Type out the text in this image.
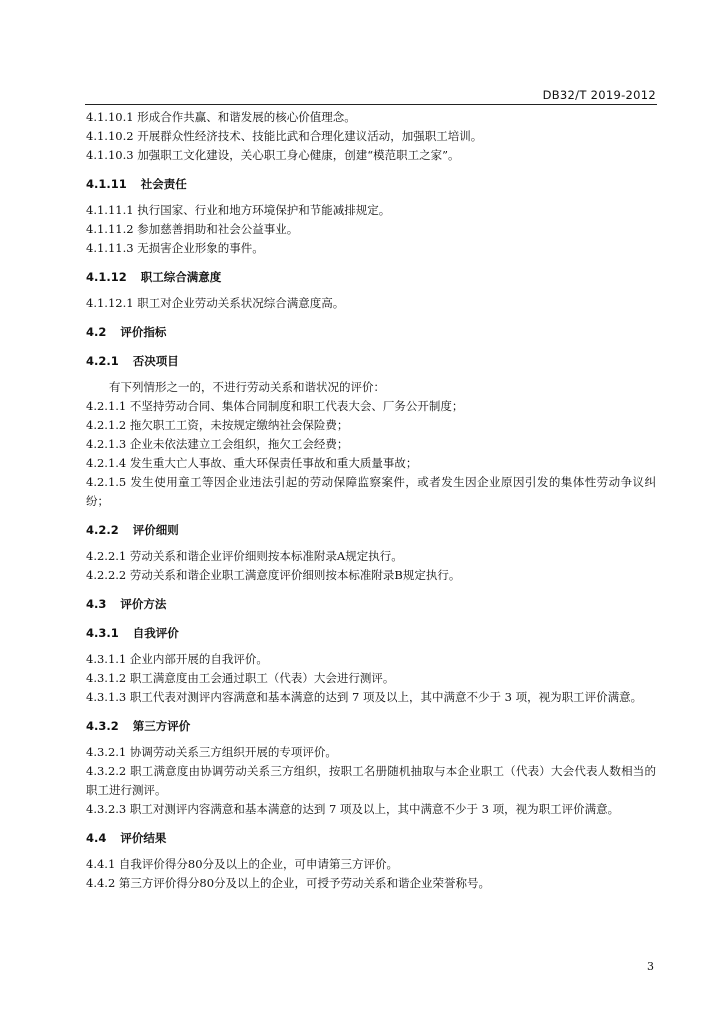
DB32/T 2019-2012
4.1.10.1 形成合作共赢、和谐发展的核心价值理念。
4.1.10.2 开展群众性经济技术、技能比武和合理化建议活动，加强职工培训。
4.1.10.3 加强职工文化建设，关心职工身心健康，创建“模范职工之家”。
4.1.11 社会责任
4.1.11.1 执行国家、行业和地方环境保护和节能减排规定。
4.1.11.2 参加慈善捐助和社会公益事业。
4.1.11.3 无损害企业形象的事件。
4.1.12 职工综合满意度
4.1.12.1 职工对企业劳动关系状况综合满意度高。
4.2 评价指标
4.2.1 否决项目
有下列情形之一的，不进行劳动关系和谐状况的评价：
4.2.1.1 不坚持劳动合同、集体合同制度和职工代表大会、厂务公开制度；
4.2.1.2 拖欠职工工资，未按规定缴纳社会保险费；
4.2.1.3 企业未依法建立工会组织，拖欠工会经费；
4.2.1.4 发生重大亡人事故、重大环保责任事故和重大质量事故；
4.2.1.5 发生使用童工等因企业违法引起的劳动保障监察案件，或者发生因企业原因引发的集体性劳动争议纠纷；
4.2.2 评价细则
4.2.2.1 劳动关系和谐企业评价细则按本标准附录A规定执行。
4.2.2.2 劳动关系和谐企业职工满意度评价细则按本标准附录B规定执行。
4.3 评价方法
4.3.1 自我评价
4.3.1.1 企业内部开展的自我评价。
4.3.1.2 职工满意度由工会通过职工（代表）大会进行测评。
4.3.1.3 职工代表对测评内容满意和基本满意的达到 7 项及以上，其中满意不少于 3 项，视为职工评价满意。
4.3.2 第三方评价
4.3.2.1 协调劳动关系三方组织开展的专项评价。
4.3.2.2 职工满意度由协调劳动关系三方组织，按职工名册随机抽取与本企业职工（代表）大会代表人数相当的职工进行测评。
4.3.2.3 职工对测评内容满意和基本满意的达到 7 项及以上，其中满意不少于 3 项，视为职工评价满意。
4.4 评价结果
4.4.1 自我评价得分80分及以上的企业，可申请第三方评价。
4.4.2 第三方评价得分80分及以上的企业，可授予劳动关系和谐企业荣誉称号。
3
